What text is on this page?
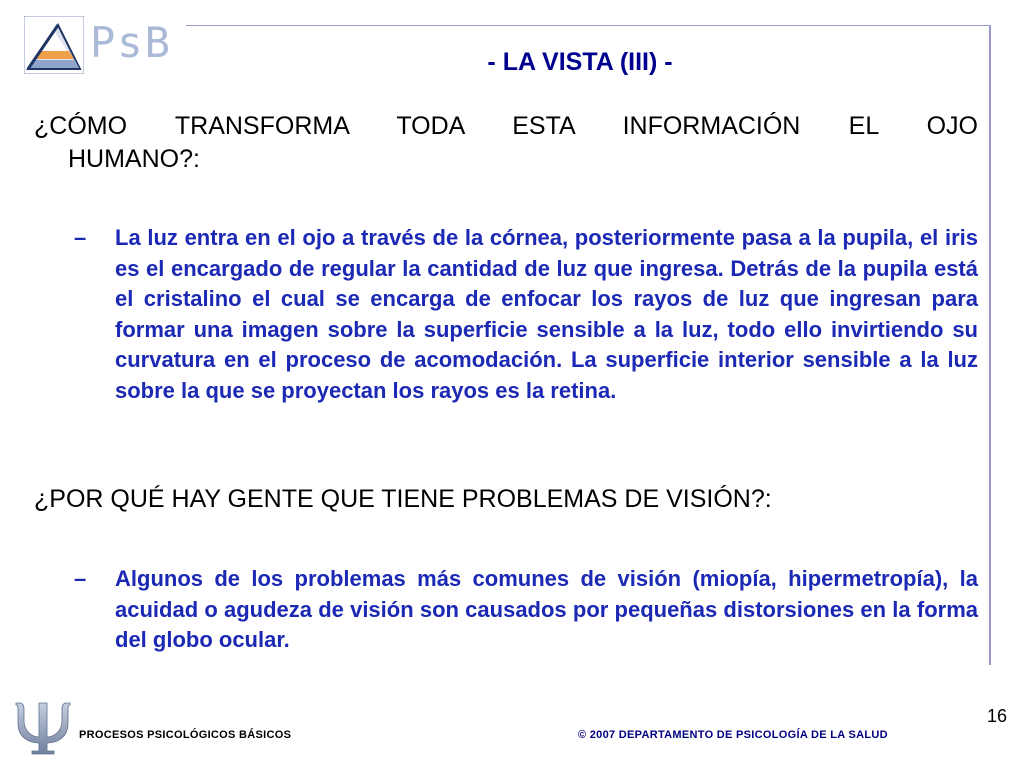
PsB	- LA VISTA (III) -
¿CÓMO TRANSFORMA TODA ESTA INFORMACIÓN EL OJO
HUMANO?:
–	La luz entra en el ojo a través de la córnea, posteriormente pasa a la pupila, el iris es el encargado de regular la cantidad de luz que ingresa. Detrás de la pupila está el cristalino el cual se encarga de enfocar los rayos de luz que ingresan para formar una imagen sobre la superficie sensible a la luz, todo ello invirtiendo su curvatura en el proceso de acomodación. La superficie interior sensible a la luz sobre la que se proyectan los rayos es la retina.
¿POR QUÉ HAY GENTE QUE TIENE PROBLEMAS DE VISIÓN?:
–	Algunos de los problemas más comunes de visión (miopía, hipermetropía), la acuidad o agudeza de visión son causados por pequeñas distorsiones en la forma del globo ocular.
PROCESOS PSICOLÓGICOS BÁSICOS	© 2007 DEPARTAMENTO DE PSICOLOGÍA DE LA SALUD
16
